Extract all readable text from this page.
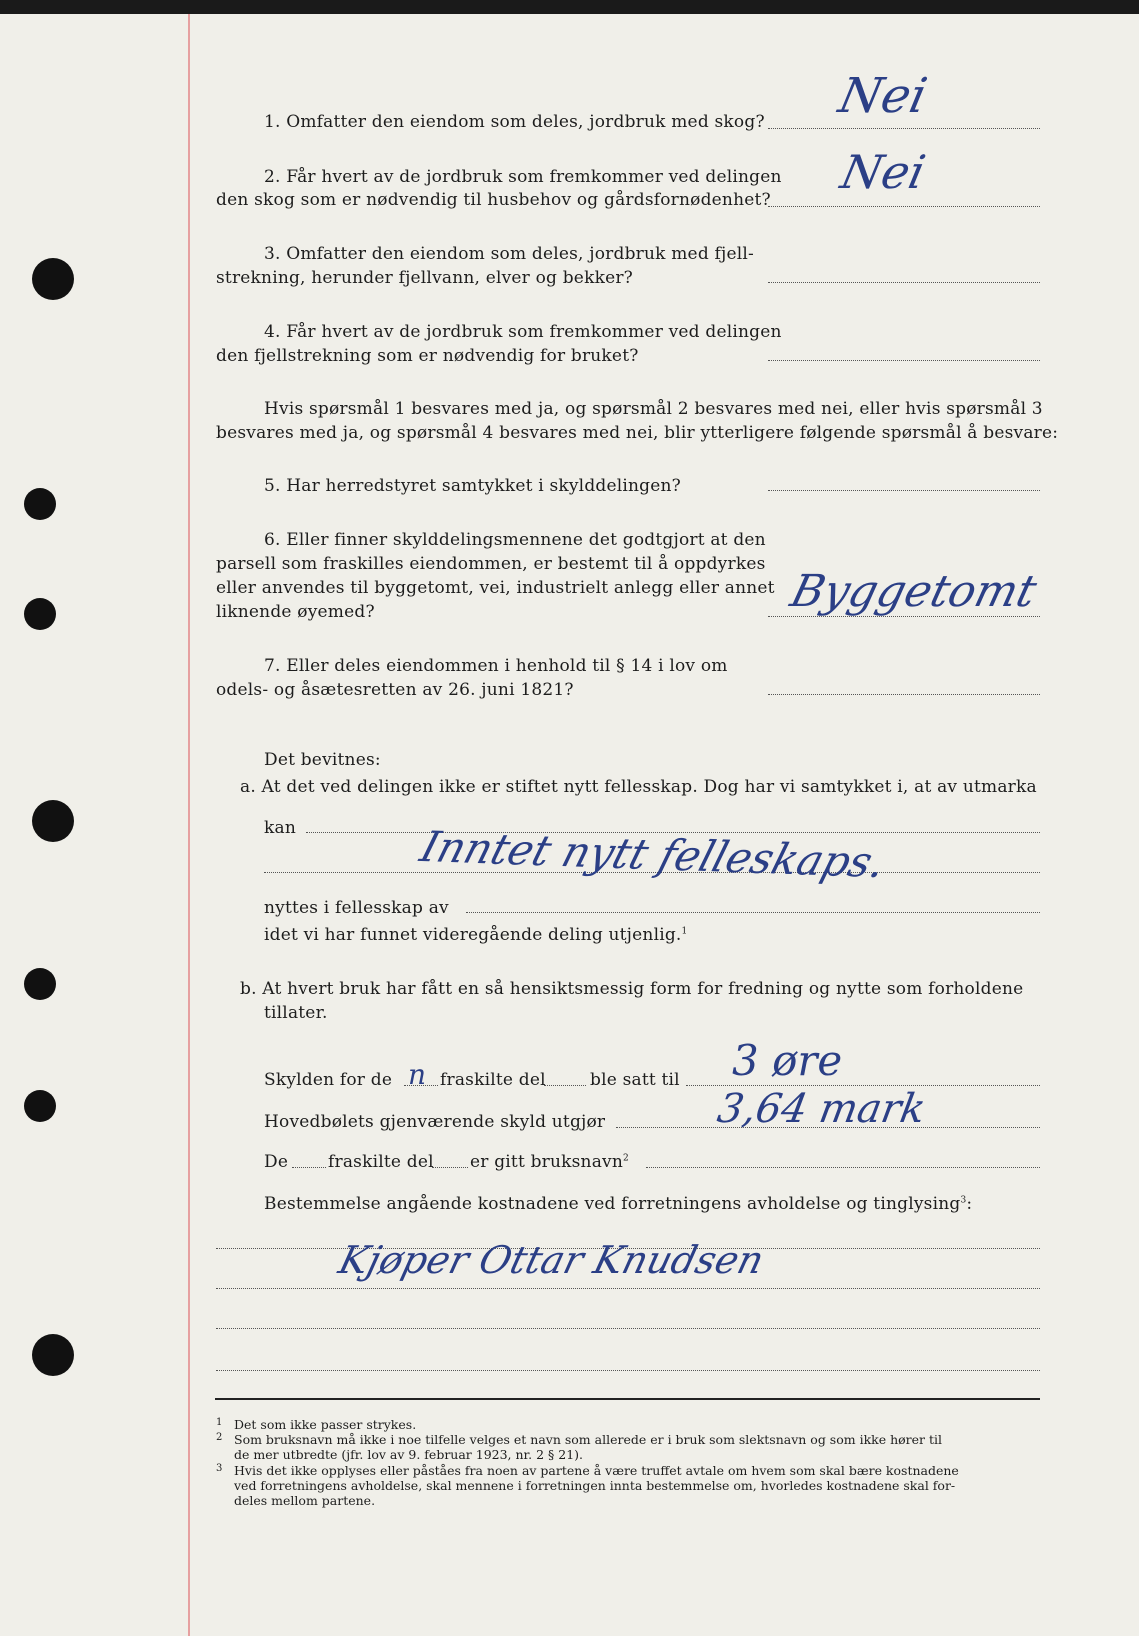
1. Omfatter den eiendom som deles, jordbruk med skog? Nei
2. Får hvert av de jordbruk som fremkommer ved delingen
den skog som er nødvendig til husbehov og gårdsfornødenhet?
Nei
3. Omfatter den eiendom som deles, jordbruk med fjell-
strekning, herunder fjellvann, elver og bekker?
4. Får hvert av de jordbruk som fremkommer ved delingen
den fjellstrekning som er nødvendig for bruket?
Hvis spørsmål 1 besvares med ja, og spørsmål 2 besvares med nei, eller hvis spørsmål 3
besvares med ja, og spørsmål 4 besvares med nei, blir ytterligere følgende spørsmål å besvare:
5. Har herredstyret samtykket i skylddelingen?
6. Eller finner skylddelingsmennene det godtgjort at den
parsell som fraskilles eiendommen, er bestemt til å oppdyrkes
eller anvendes til byggetomt, vei, industrielt anlegg eller annet
liknende øyemed?	Byggetomt
7. Eller deles eiendommen i henhold til § 14 i lov om
odels- og åsætesretten av 26. juni 1821?
Det bevitnes:
a. At det ved delingen ikke er stiftet nytt fellesskap. Dog har vi samtykket i, at av utmarka
kan	Inntet nytt felleskaps.
nyttes i fellesskap av
idet vi har funnet videregående deling utjenlig.$^1$
b. At hvert bruk har fått en så hensiktsmessig form for fredning og nytte som forholdene
tillater.
Skylden for de n fraskilte del	ble satt til 3 øre
Hovedbølets gjenværende skyld utgjør	3,64 mark
De fraskilte del er gitt bruksnavn$^2$
Bestemmelse angående kostnadene ved forretningens avholdelse og tinglysing$^3$:
Kjøper Ottar Knudsen
1 Det som ikke passer strykes.
2 Som bruksnavn må ikke i noe tilfelle velges et navn som allerede er i bruk som slektsnavn og som ikke hører til
de mer utbredte (jfr. lov av 9. februar 1923, nr. 2 § 21).
3 Hvis det ikke opplyses eller påståes fra noen av partene å være truffet avtale om hvem som skal bære kostnadene
ved forretningens avholdelse, skal mennene i forretningen innta bestemmelse om, hvorledes kostnadene skal for-
deles mellom partene.
